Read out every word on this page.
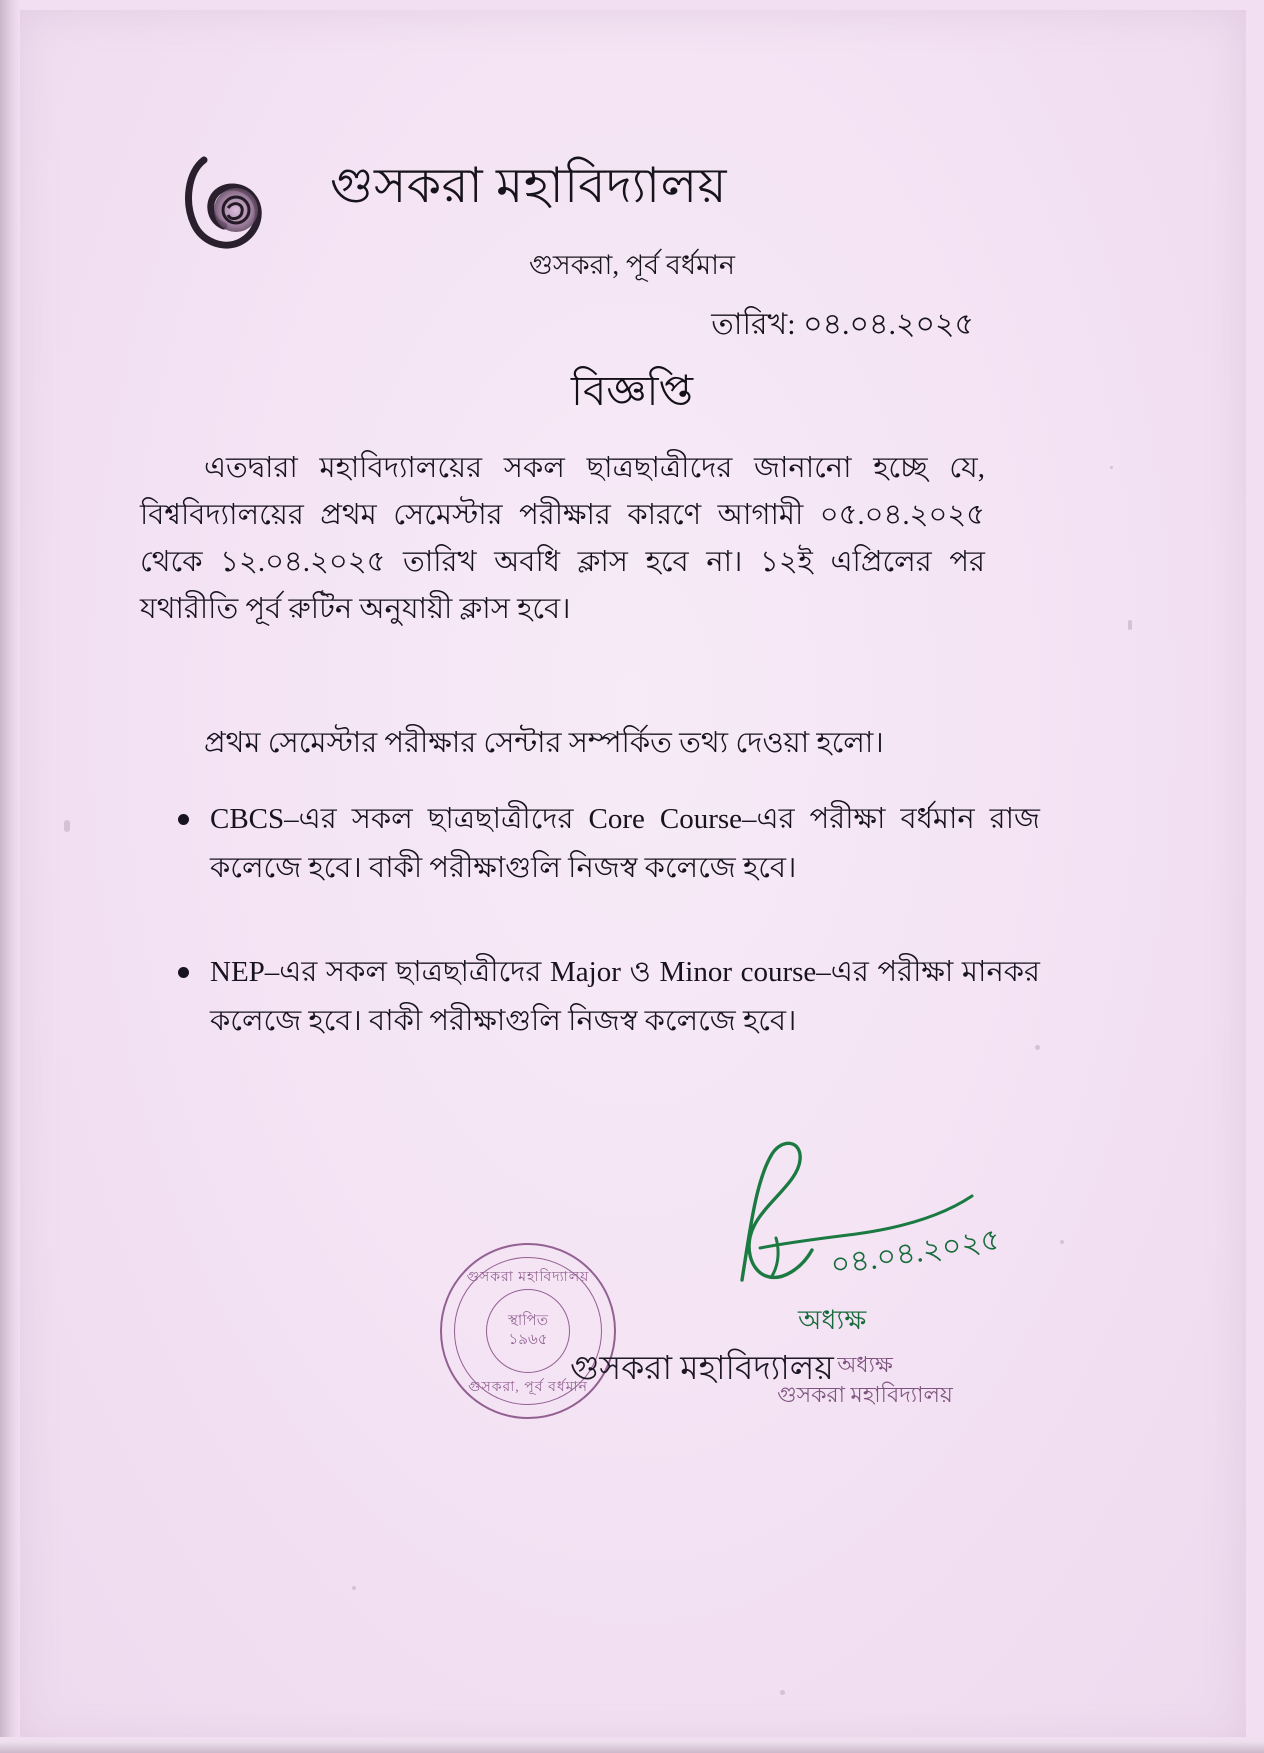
গুসকরা মহাবিদ্যালয়
গুসকরা, পূর্ব বর্ধমান
তারিখ: ০৪.০৪.২০২৫
বিজ্ঞপ্তি
এতদ্বারা মহাবিদ্যালয়ের সকল ছাত্রছাত্রীদের জানানো হচ্ছে যে, বিশ্ববিদ্যালয়ের প্রথম সেমেস্টার পরীক্ষার কারণে আগামী ০৫.০৪.২০২৫ থেকে ১২.০৪.২০২৫ তারিখ অবধি ক্লাস হবে না। ১২ই এপ্রিলের পর যথারীতি পূর্ব রুটিন অনুযায়ী ক্লাস হবে।
প্রথম সেমেস্টার পরীক্ষার সেন্টার সম্পর্কিত তথ্য দেওয়া হলো।
CBCS–এর সকল ছাত্রছাত্রীদের Core Course–এর পরীক্ষা বর্ধমান রাজ কলেজে হবে। বাকী পরীক্ষাগুলি নিজস্ব কলেজে হবে।
NEP–এর সকল ছাত্রছাত্রীদের Major ও Minor course–এর পরীক্ষা মানকর কলেজে হবে। বাকী পরীক্ষাগুলি নিজস্ব কলেজে হবে।
গুসকরা মহাবিদ্যালয়
স্থাপিত
১৯৬৫
গুসকরা, পূর্ব বর্ধমান
০৪.০৪.২০২৫
অধ্যক্ষ
গুসকরা মহাবিদ্যালয় অধ্যক্ষ
গুসকরা মহাবিদ্যালয়
